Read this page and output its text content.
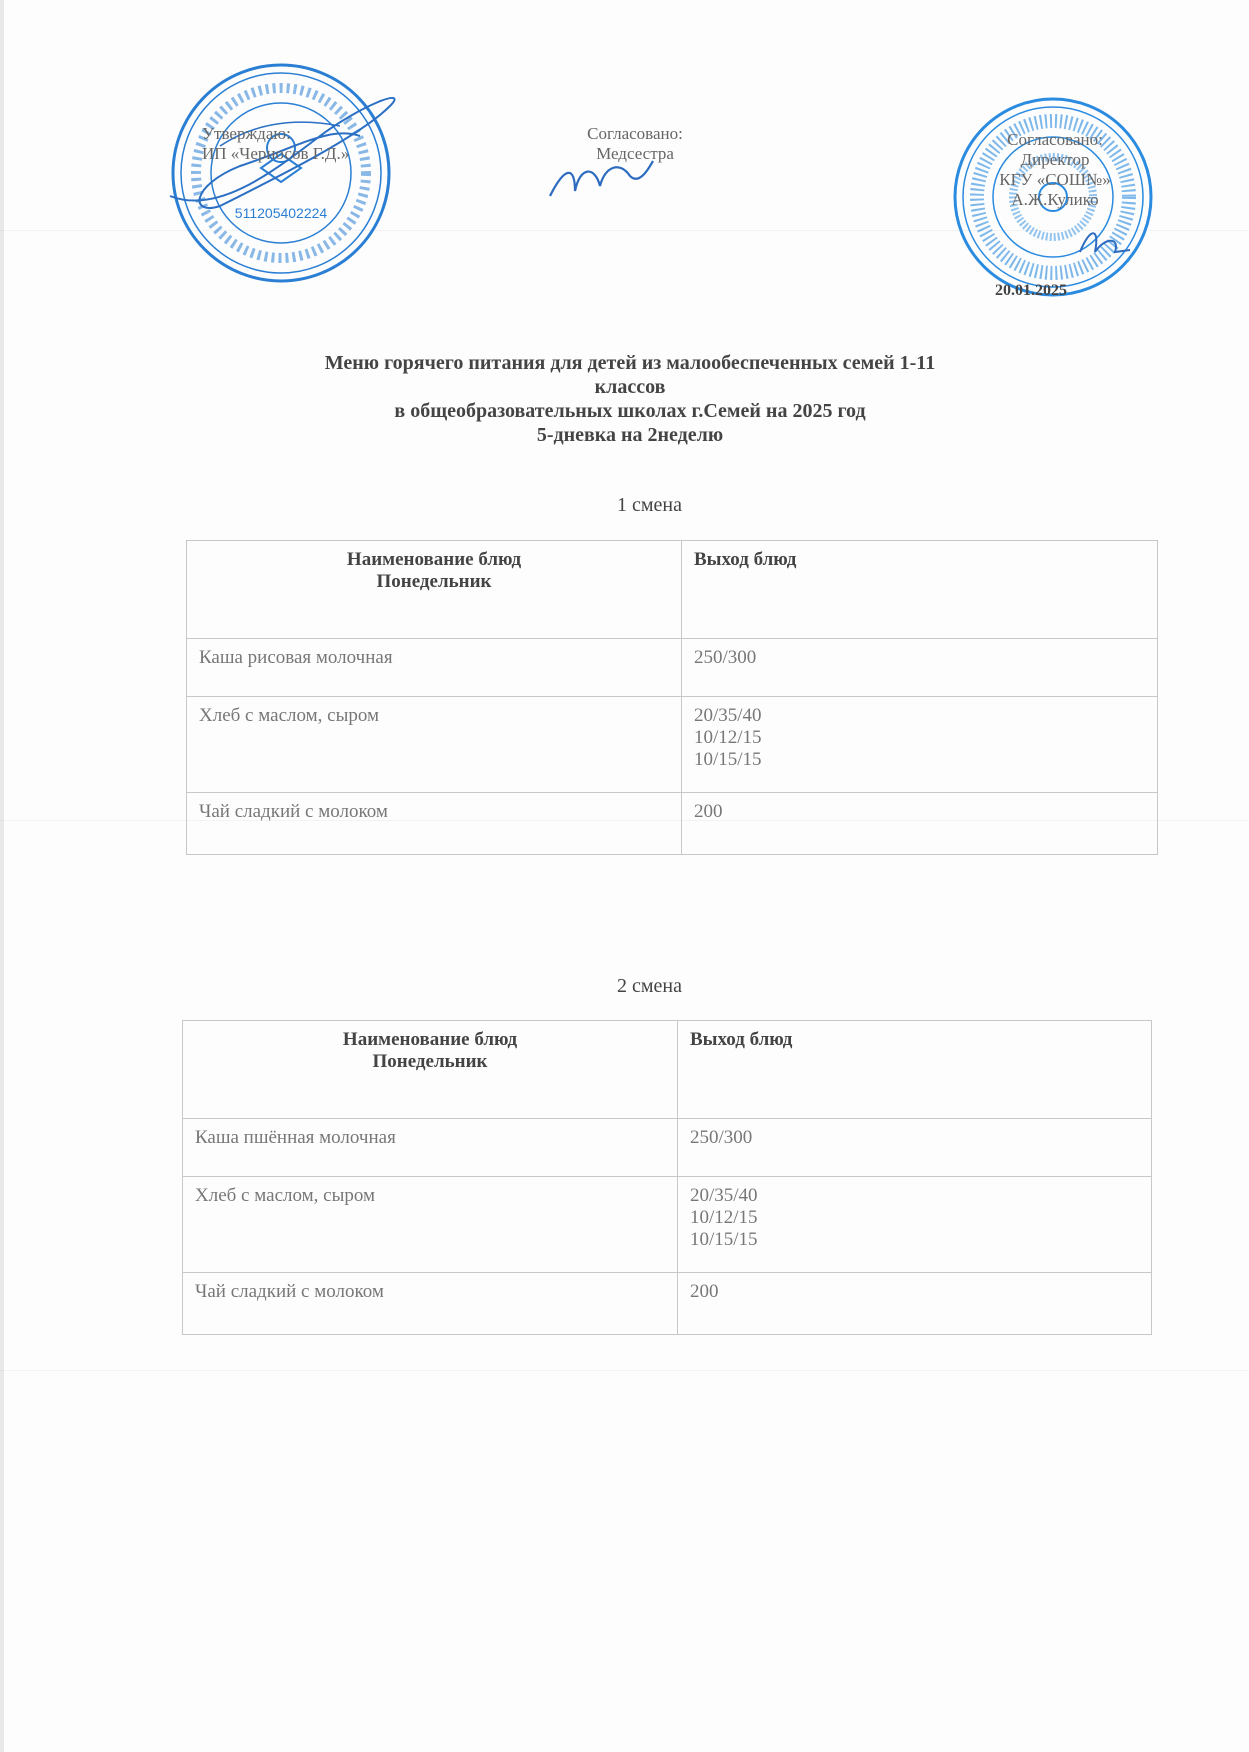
511205402224
Утверждаю:
ИП «Черносов Г.Д.»
Согласовано:
Медсестра
Согласовано:
Директор
КГУ «СОШ№»
А.Ж.Кулико
20.01.2025
Меню горячего питания для детей из малообеспеченных семей 1-11
классов
в общеобразовательных школах г.Семей на 2025 год
5-дневка на 2неделю
1 смена
Наименование блюд
Понедельник	Выход блюд
Каша рисовая молочная	250/300

Хлеб с маслом, сыром	20/35/40
10/12/15
10/15/15

Чай сладкий с молоком	200
2 смена
Наименование блюд
Понедельник	Выход блюд
Каша пшённая молочная	250/300

Хлеб с маслом, сыром	20/35/40
10/12/15
10/15/15

Чай сладкий с молоком	200
